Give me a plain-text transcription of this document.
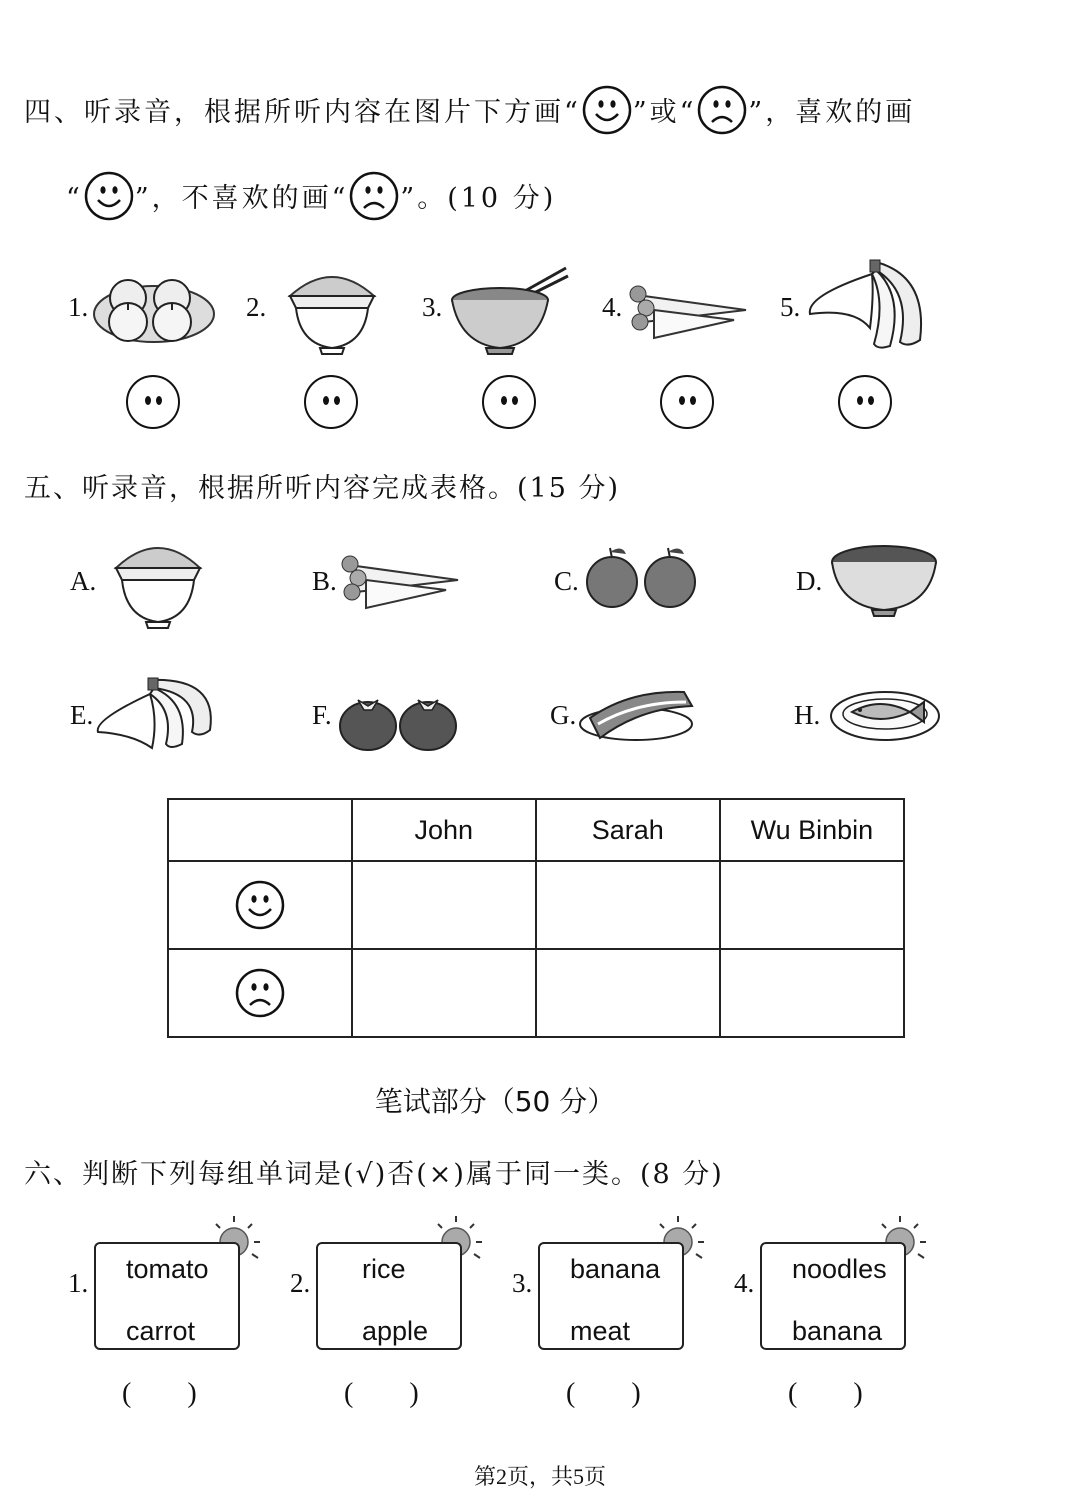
四、听录音，根据所听内容在图片下方画“ ”或“ ”，喜欢的画
“ ”，不喜欢的画“ ”。(10 分)
1.	2.	3.	4.	5.
五、听录音，根据所听内容完成表格。(15 分)
A.	B.	C.	D.
E.	F.	G.	H.
	John	Sarah	Wu Binbin

笔试部分（50 分）
六、判断下列每组单词是(√)否(×)属于同一类。(8 分)
1. tomato
carrot
(        )
2. rice
apple
(        )
3. banana
meat
(        )
4. noodles
banana
(        )
第2页，共5页
